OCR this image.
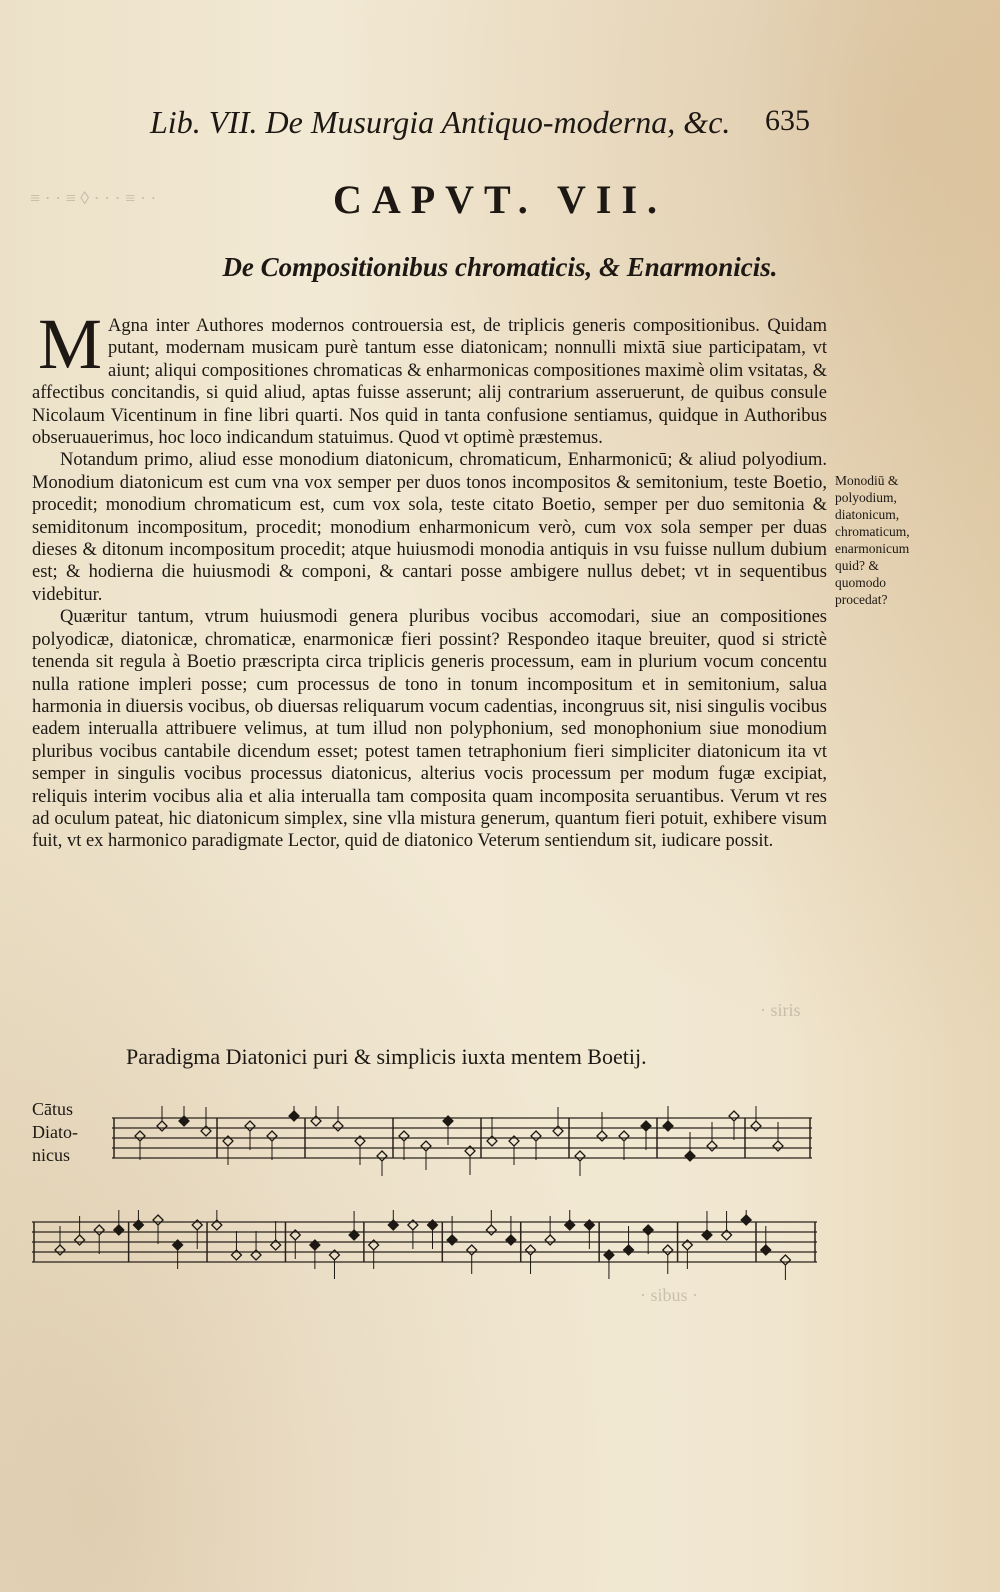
≡ · · ≡ ◊ · · · ≡ · ·
· siris
· sibus ·
Lib. VII. De Musurgia Antiquo-moderna, &c. 635
CAPVT. VII.
De Compositionibus chromaticis, & Enarmonicis.

M Agna inter Authores modernos controuersia est, de triplicis generis compositionibus. Quidam putant, modernam musicam purè tantum esse diatonicam; nonnulli mixtā siue participatam, vt aiunt; aliqui compositiones chromaticas & enharmonicas compositiones maximè olim vsitatas, & affectibus concitandis, si quid aliud, aptas fuisse asserunt; alij contrarium asseruerunt, de quibus consule Nicolaum Vicentinum in fine libri quarti. Nos quid in tanta confusione sentiamus, quidque in Authoribus obseruauerimus, hoc loco indicandum statuimus. Quod vt optimè præstemus.

Notandum primo, aliud esse monodium diatonicum, chromaticum, Enharmonicū; & aliud polyodium. Monodium diatonicum est cum vna vox semper per duos tonos incompositos & semitonium, teste Boetio, procedit; monodium chromaticum est, cum vox sola, teste citato Boetio, semper per duo semitonia & semiditonum incompositum, procedit; monodium enharmonicum verò, cum vox sola semper per duas dieses & ditonum incompositum procedit; atque huiusmodi monodia antiquis in vsu fuisse nullum dubium est; & hodierna die huiusmodi & componi, & cantari posse ambigere nullus debet; vt in sequentibus videbitur.

Quæritur tantum, vtrum huiusmodi genera pluribus vocibus accomodari, siue an compositiones polyodicæ, diatonicæ, chromaticæ, enarmonicæ fieri possint? Respondeo itaque breuiter, quod si strictè tenenda sit regula à Boetio præscripta circa triplicis generis processum, eam in plurium vocum concentu nulla ratione impleri posse; cum processus de tono in tonum incompositum et in semitonium, salua harmonia in diuersis vocibus, ob diuersas reliquarum vocum cadentias, incongruus sit, nisi singulis vocibus eadem interualla attribuere velimus, at tum illud non polyphonium, sed monophonium siue monodium pluribus vocibus cantabile dicendum esset; potest tamen tetraphonium fieri simpliciter diatonicum ita vt semper in singulis vocibus processus diatonicus, alterius vocis processum per modum fugæ excipiat, reliquis interim vocibus alia et alia interualla tam composita quam incomposita seruantibus. Verum vt res ad oculum pateat, hic diatonicum simplex, sine vlla mistura generum, quantum fieri potuit, exhibere visum fuit, vt ex harmonico paradigmate Lector, quid de diatonico Veterum sentiendum sit, iudicare possit.

Monodiū & polyodium, diatonicum, chromaticum, enarmonicum quid? & quomodo procedat?
Paradigma Diatonici puri & simplicis iuxta mentem Boetij.
Cātus
Diato-
nicus
